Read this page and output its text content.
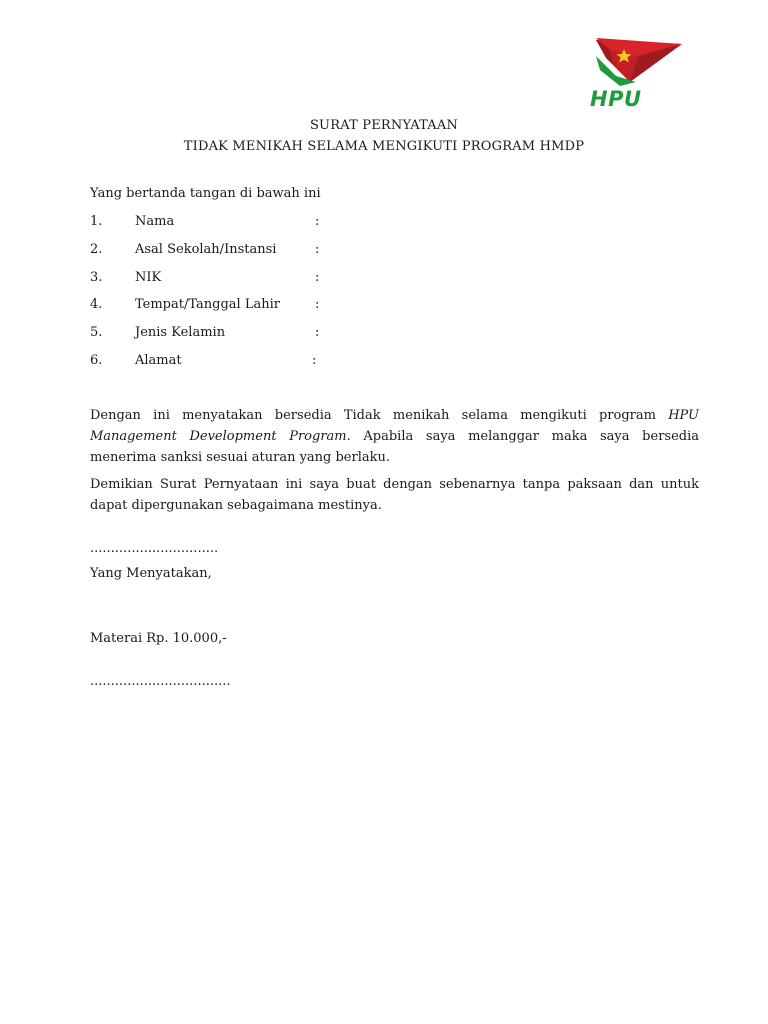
HPU
SURAT PERNYATAAN
TIDAK MENIKAH SELAMA MENGIKUTI PROGRAM HMDP
Yang bertanda tangan di bawah ini
1.	Nama	:
2.	Asal Sekolah/Instansi	:
3.	NIK	:
4.	Tempat/Tanggal Lahir	:
5.	Jenis Kelamin	:
6.	Alamat	:
Dengan ini menyatakan bersedia Tidak menikah selama mengikuti program HPU Management Development Program. Apabila saya melanggar maka saya bersedia menerima sanksi sesuai aturan yang berlaku.
Demikian Surat Pernyataan ini saya buat dengan sebenarnya tanpa paksaan dan untuk dapat dipergunakan sebagaimana mestinya.
...............................
Yang Menyatakan,
Materai Rp. 10.000,-
..................................
